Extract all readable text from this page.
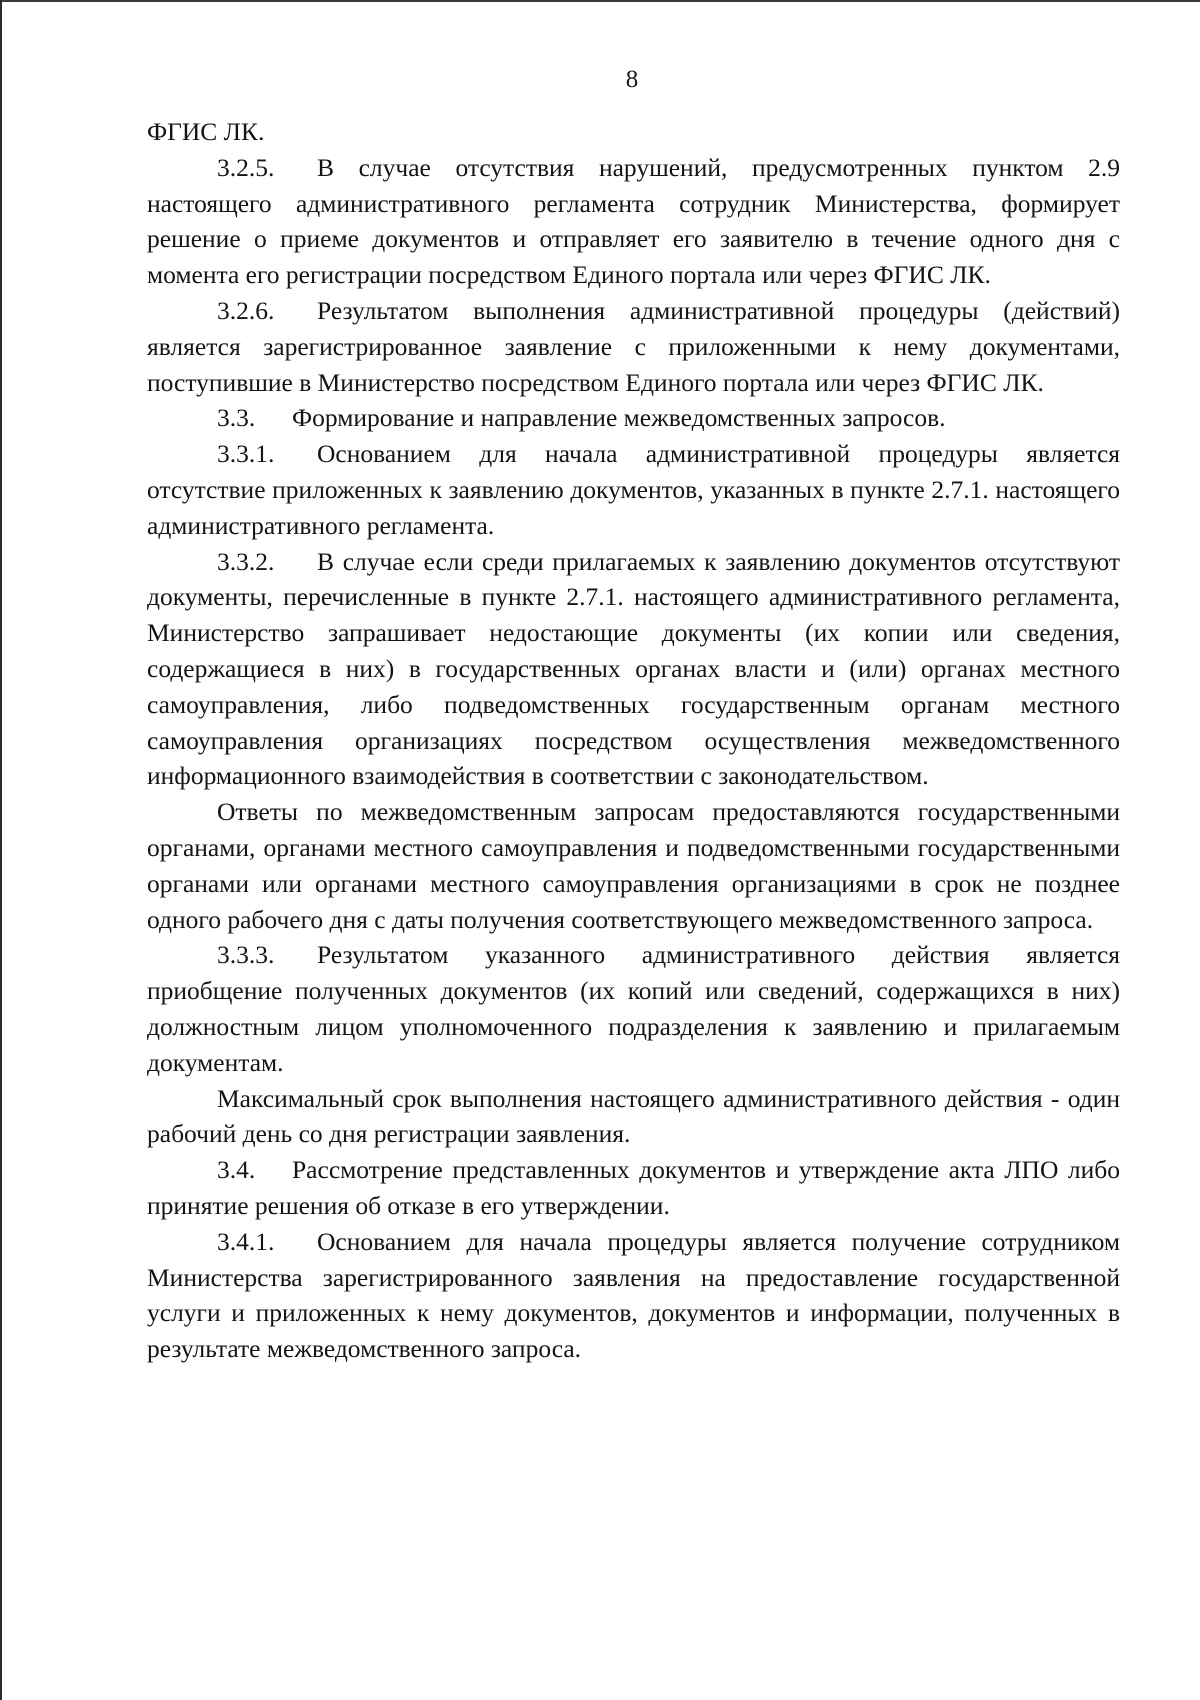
8

ФГИС ЛК.

3.2.5. В случае отсутствия нарушений, предусмотренных пунктом 2.9 настоящего административного регламента сотрудник Министерства, формирует решение о приеме документов и отправляет его заявителю в течение одного дня с момента его регистрации посредством Единого портала или через ФГИС ЛК.

3.2.6. Результатом выполнения административной процедуры (действий) является зарегистрированное заявление с приложенными к нему документами, поступившие в Министерство посредством Единого портала или через ФГИС ЛК.

3.3. Формирование и направление межведомственных запросов.

3.3.1. Основанием для начала административной процедуры является отсутствие приложенных к заявлению документов, указанных в пункте 2.7.1. настоящего административного регламента.

3.3.2. В случае если среди прилагаемых к заявлению документов отсутствуют документы, перечисленные в пункте 2.7.1. настоящего административного регламента, Министерство запрашивает недостающие документы (их копии или сведения, содержащиеся в них) в государственных органах власти и (или) органах местного самоуправления, либо подведомственных государственным органам местного самоуправления организациях посредством осуществления межведомственного информационного взаимодействия в соответствии с законодательством.

Ответы по межведомственным запросам предоставляются государственными органами, органами местного самоуправления и подведомственными государственными органами или органами местного самоуправления организациями в срок не позднее одного рабочего дня с даты получения соответствующего межведомственного запроса.

3.3.3. Результатом указанного административного действия является приобщение полученных документов (их копий или сведений, содержащихся в них) должностным лицом уполномоченного подразделения к заявлению и прилагаемым документам.

Максимальный срок выполнения настоящего административного действия - один рабочий день со дня регистрации заявления.

3.4. Рассмотрение представленных документов и утверждение акта ЛПО либо принятие решения об отказе в его утверждении.

3.4.1. Основанием для начала процедуры является получение сотрудником Министерства зарегистрированного заявления на предоставление государственной услуги и приложенных к нему документов, документов и информации, полученных в результате межведомственного запроса.
